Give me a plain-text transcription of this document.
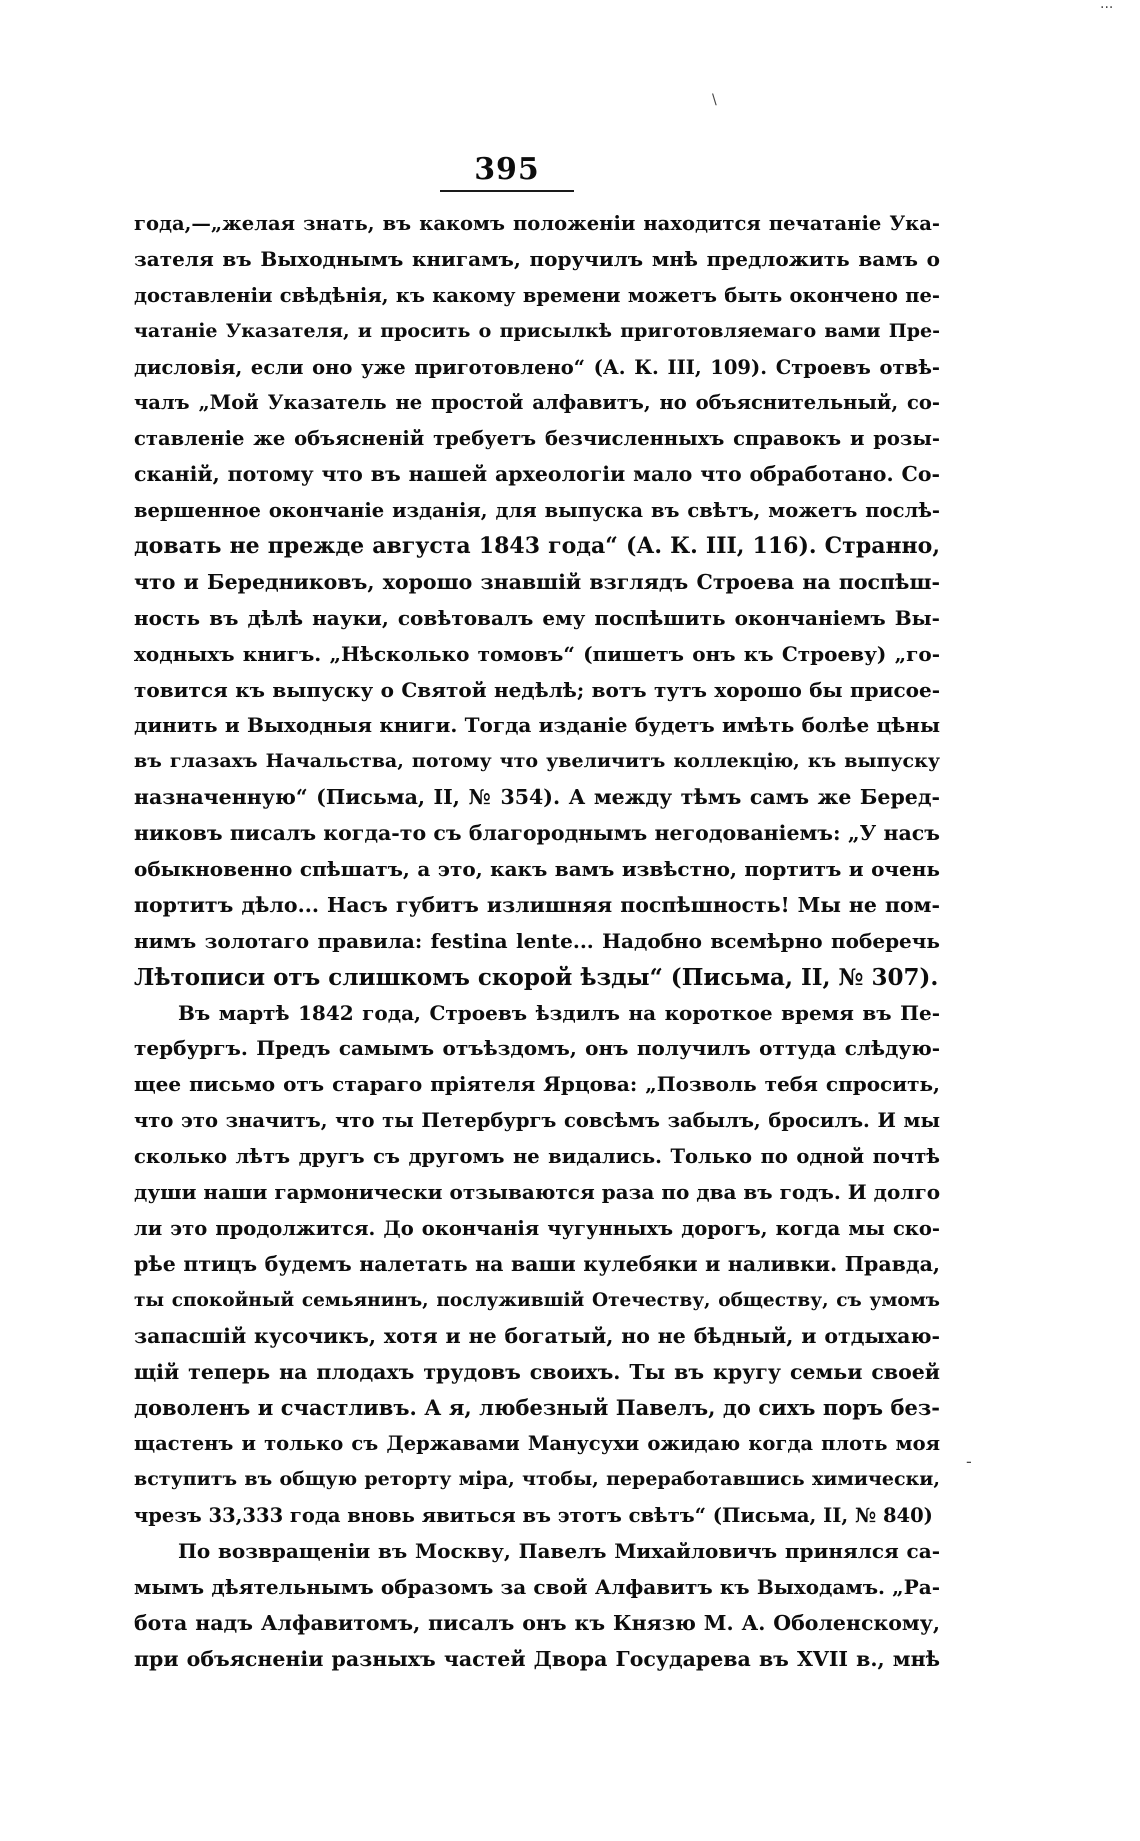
···
\
395
года,—„желая знать, въ какомъ положеніи находится печатаніе Ука-
зателя въ Выходнымъ книгамъ, поручилъ мнѣ предложить вамъ о
доставленіи свѣдѣнія, къ какому времени можетъ быть окончено пе-
чатаніе Указателя, и просить о присылкѣ приготовляемаго вами Пре-
дисловія, если оно уже приготовлено“ (А. К. III, 109). Строевъ отвѣ-
чалъ „Мой Указатель не простой алфавитъ, но объяснительный, со-
ставленіе же объясненій требуетъ безчисленныхъ справокъ и розы-
сканій, потому что въ нашей археологіи мало что обработано. Со-
вершенное окончаніе изданія, для выпуска въ свѣтъ, можетъ послѣ-
довать не прежде августа 1843 года“ (А. К. III, 116). Странно,
что и Бередниковъ, хорошо знавшій взглядъ Строева на поспѣш-
ность въ дѣлѣ науки, совѣтовалъ ему поспѣшить окончаніемъ Вы-
ходныхъ книгъ. „Нѣсколько томовъ“ (пишетъ онъ къ Строеву) „го-
товится къ выпуску о Святой недѣлѣ; вотъ тутъ хорошо бы присое-
динить и Выходныя книги. Тогда изданіе будетъ имѣть болѣе цѣны
въ глазахъ Начальства, потому что увеличитъ коллекцію, къ выпуску
назначенную“ (Письма, II, № 354). А между тѣмъ самъ же Беред-
никовъ писалъ когда-то съ благороднымъ негодованіемъ: „У насъ
обыкновенно спѣшатъ, а это, какъ вамъ извѣстно, портитъ и очень
портитъ дѣло... Насъ губитъ излишняя поспѣшность! Мы не пом-
нимъ золотаго правила: festina lente... Надобно всемѣрно поберечь
Лѣтописи отъ слишкомъ скорой ѣзды“ (Письма, II, № 307).
Въ мартѣ 1842 года, Строевъ ѣздилъ на короткое время въ Пе-
тербургъ. Предъ самымъ отъѣздомъ, онъ получилъ оттуда слѣдую-
щее письмо отъ стараго пріятеля Ярцова: „Позволь тебя спросить,
что это значитъ, что ты Петербургъ совсѣмъ забылъ, бросилъ. И мы
сколько лѣтъ другъ съ другомъ не видались. Только по одной почтѣ
души наши гармонически отзываются раза по два въ годъ. И долго
ли это продолжится. До окончанія чугунныхъ дорогъ, когда мы ско-
рѣе птицъ будемъ налетать на ваши кулебяки и наливки. Правда,
ты спокойный семьянинъ, послужившій Отечеству, обществу, съ умомъ
запасшій кусочикъ, хотя и не богатый, но не бѣдный, и отдыхаю-
щій теперь на плодахъ трудовъ своихъ. Ты въ кругу семьи своей
доволенъ и счастливъ. А я, любезный Павелъ, до сихъ поръ без-
щастенъ и только съ Державами Манусухи ожидаю когда плоть моя
вступитъ въ общую реторту міра, чтобы, переработавшись химически,
чрезъ 33,333 года вновь явиться въ этотъ свѣтъ“ (Письма, II, № 840)
По возвращеніи въ Москву, Павелъ Михайловичъ принялся са-
мымъ дѣятельнымъ образомъ за свой Алфавитъ къ Выходамъ. „Ра-
бота надъ Алфавитомъ, писалъ онъ къ Князю М. А. Оболенскому,
при объясненіи разныхъ частей Двора Государева въ XVII в., мнѣ
-
